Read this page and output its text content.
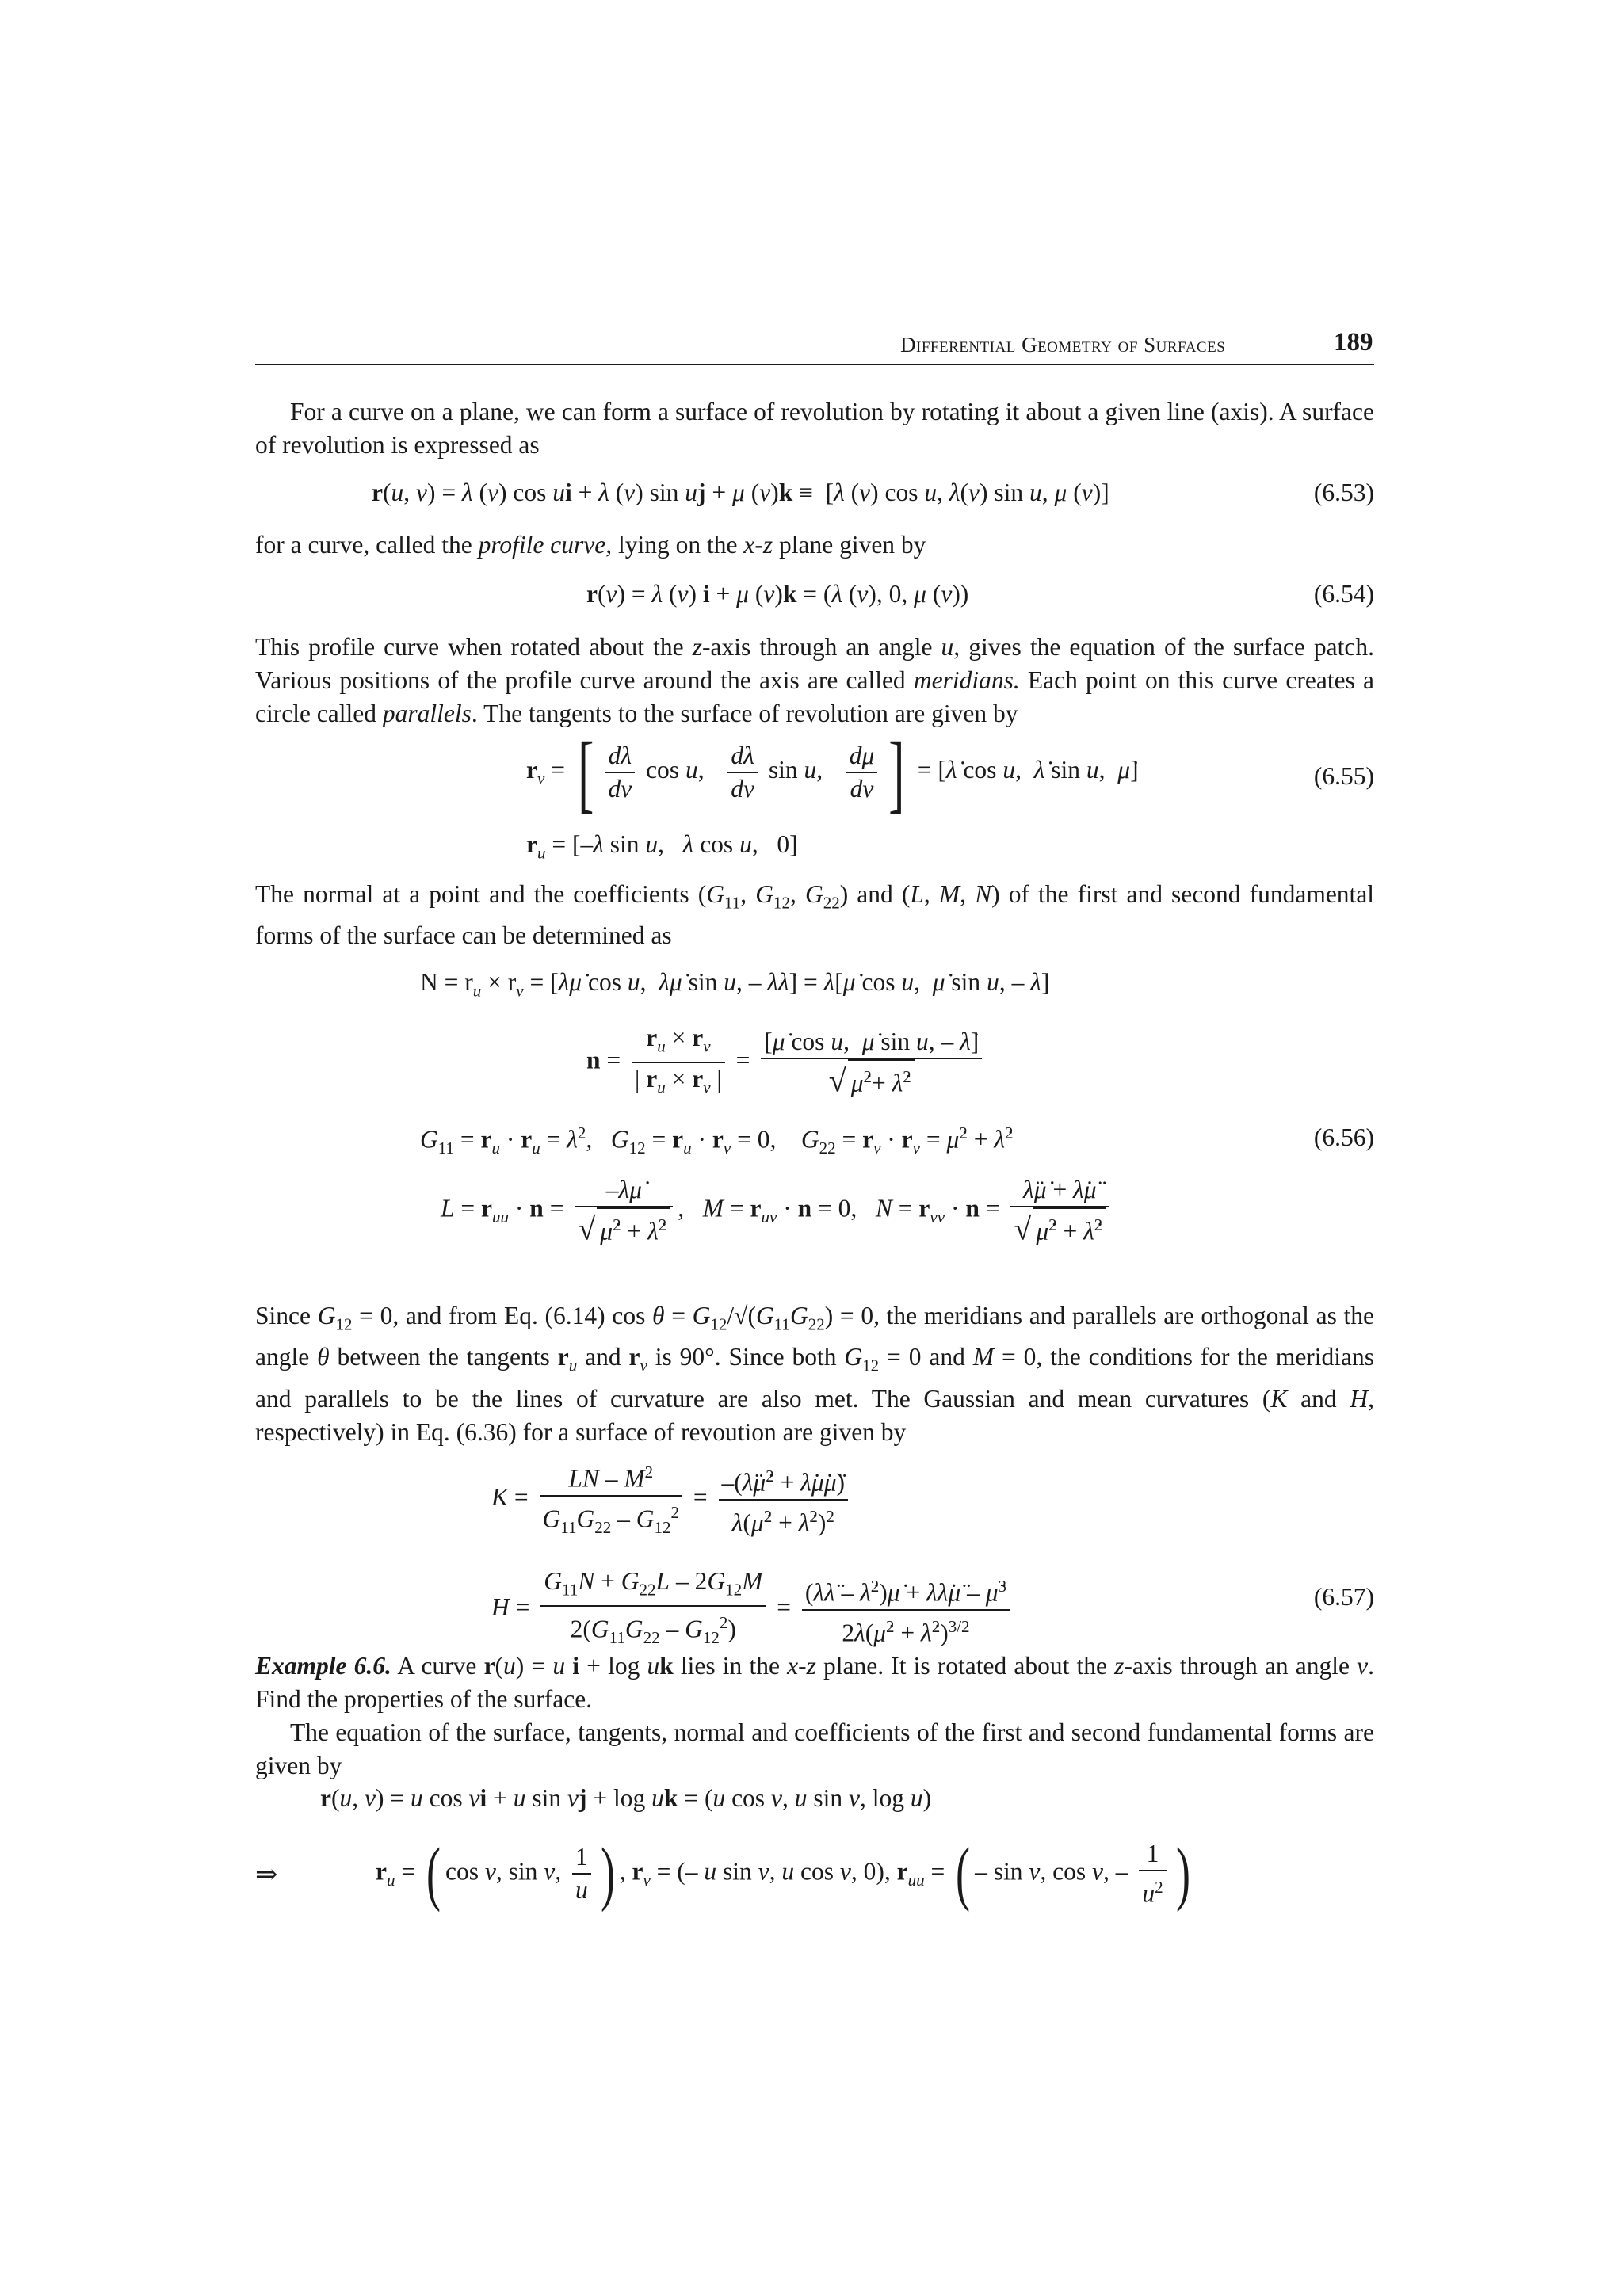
Differential Geometry of Surfaces	189
For a curve on a plane, we can form a surface of revolution by rotating it about a given line (axis). A surface of revolution is expressed as
r(u, v) = λ (v) cos ui + λ (v) sin uj + μ (v)k ≡  [λ (v) cos u, λ(v) sin u, μ (v)]	(6.53)
for a curve, called the profile curve, lying on the x-z plane given by
r(v) = λ (v) i + μ (v)k = (λ (v), 0, μ (v))	(6.54)
This profile curve when rotated about the z-axis through an angle u, gives the equation of the surface patch. Various positions of the profile curve around the axis are called meridians. Each point on this curve creates a circle called parallels. The tangents to the surface of revolution are given by
$r_v$ = [ $\frac{d\lambda}{dv}$ cos u, $\frac{d\lambda}{dv}$ sin u, $\frac{d\mu}{dv}$ ] = [λ̇ cos u,  λ̇ sin u,  μ̇]	(6.55)
$r_u = [-\lambda$ sin u,   λ cos u,   0]
The normal at a point and the coefficients ($G_{11}$, $G_{12}$, $G_{22}$) and (L, M, N) of the first and second fundamental forms of the surface can be determined as
$N = r_u \times r_v$ = [λμ̇ cos u,  λμ̇ sin u, – λλ̇] = λ[μ̇ cos u,  μ̇ sin u, – λ̇]
$n = \frac{r_u \times r_v}{| r_u \times r_v |} = \frac{\text{[μ̇ cos u,  μ̇ sin u, – λ̇]}}{√ \mu̇^2+ \lambdȧ^2}$
$G_{11} = r_u \cdot r_u = \lambda^2$,   $G_{12} = r_u \cdot r_v = 0$,    $G_{22} = r_v \cdot r_v$ = μ̇$^2$ + λ̇$^2$	(6.56)
$L = r_{uu} \cdot n = \frac{-\lambda\mu̇}{√ \mu̇^2 + \lambdȧ^2}$ ,   $M = r_{uv} \cdot n = 0$,   $N = r_{vv} \cdot n = \frac{\lambdä\mu̇ + \lambdȧ\mü}{√ \mu̇^2 + \lambdȧ^2}$
Since $G_{12} = 0$, and from Eq. (6.14) $\cos \theta = G_{12}/√(G_{11}G_{22}) = 0$, the meridians and parallels are orthogonal as the angle θ between the tangents $r_u$ and $r_v$ is 90°. Since both $G_{12} = 0$ and M = 0, the conditions for the meridians and parallels to be the lines of curvature are also met. The Gaussian and mean curvatures (K and H, respectively) in Eq. (6.36) for a surface of revoution are given by
$K = \frac{LN - M^2}{G_{11}G_{22} - G_{12}^2} = \frac{-(\lambdä\mu̇^2 + \lambdȧ\mu̇\mü)}{\lambda(\mu̇^2 + \lambdȧ^2)^2}$
$H = \frac{G_{11}N + G_{22}L - 2G_{12}M}{2(G_{11}G_{22} - G_{12}^2)} = \frac{(\lambda\lambdä - \lambdȧ^2)\mu̇ + \lambda\lambdȧ\mü - \mu̇^3}{2\lambda(\mu̇^2 + \lambdȧ^2)^{3/2}}$	(6.57)
Example 6.6. A curve r(u) = u i + log uk lies in the x-z plane. It is rotated about the z-axis through an angle v. Find the properties of the surface.
The equation of the surface, tangents, normal and coefficients of the first and second fundamental forms are given by
r(u, v) = u cos vi + u sin vj + log uk = (u cos v, u sin v, log u)
⇒	$r_u$ = ( cos v, sin v, $\frac{1}{u}$ ) , $r_v$ = (– u sin v, u cos v, 0), $r_{uu}$ = ( – sin v, cos v, – $\frac{1}{u^2}$ )
